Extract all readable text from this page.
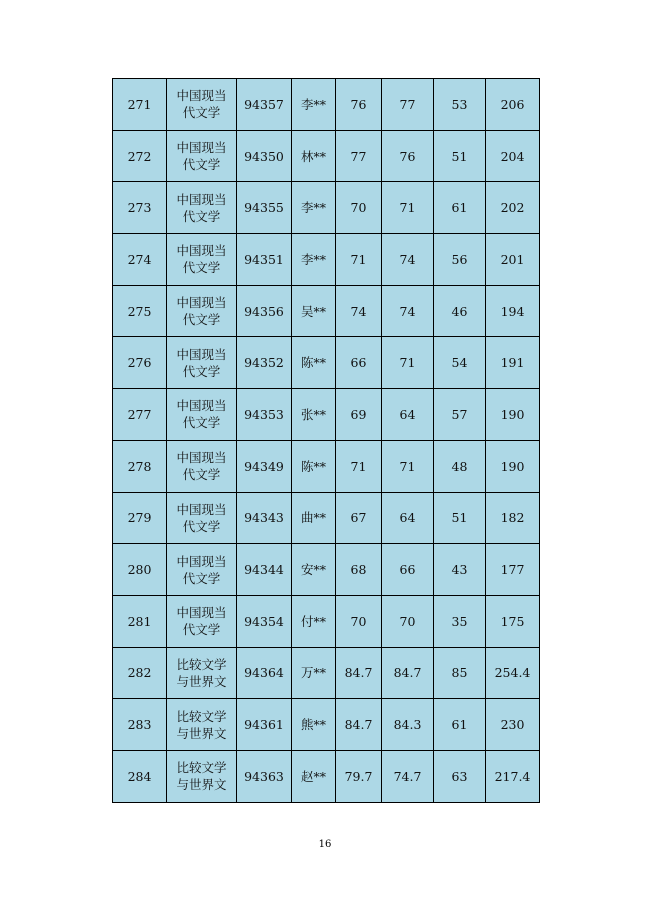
271	中国现当代文学	94357	李**	76	77	53	206
272	中国现当代文学	94350	林**	77	76	51	204
273	中国现当代文学	94355	李**	70	71	61	202
274	中国现当代文学	94351	李**	71	74	56	201
275	中国现当代文学	94356	吴**	74	74	46	194
276	中国现当代文学	94352	陈**	66	71	54	191
277	中国现当代文学	94353	张**	69	64	57	190
278	中国现当代文学	94349	陈**	71	71	48	190
279	中国现当代文学	94343	曲**	67	64	51	182
280	中国现当代文学	94344	安**	68	66	43	177
281	中国现当代文学	94354	付**	70	70	35	175
282	比较文学与世界文	94364	万**	84.7	84.7	85	254.4
283	比较文学与世界文	94361	熊**	84.7	84.3	61	230
284	比较文学与世界文	94363	赵**	79.7	74.7	63	217.4
16
